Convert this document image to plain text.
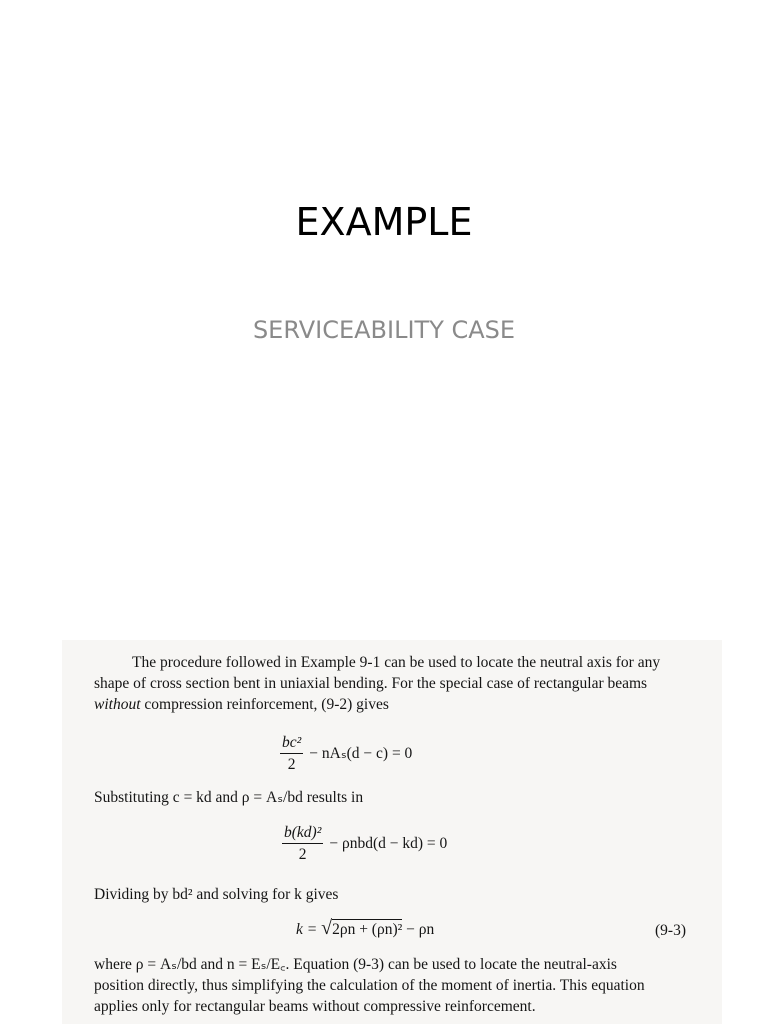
EXAMPLE
SERVICEABILITY CASE
The procedure followed in Example 9-1 can be used to locate the neutral axis for any
shape of cross section bent in uniaxial bending. For the special case of rectangular beams
without compression reinforcement, (9-2) gives
$\frac{\text{bc²}}{2} - nA_s(d - c) = 0$
Substituting c = kd and ρ = Aₛ/bd results in
$\frac{\text{b(kd)²}}{2} - \rho nbd(d - kd) = 0$
Dividing by bd² and solving for k gives
k = √2ρn + (ρn)² − ρn	(9-3)
where ρ = Aₛ/bd and n = Eₛ/E꜀. Equation (9-3) can be used to locate the neutral-axis
position directly, thus simplifying the calculation of the moment of inertia. This equation
applies only for rectangular beams without compressive reinforcement.
